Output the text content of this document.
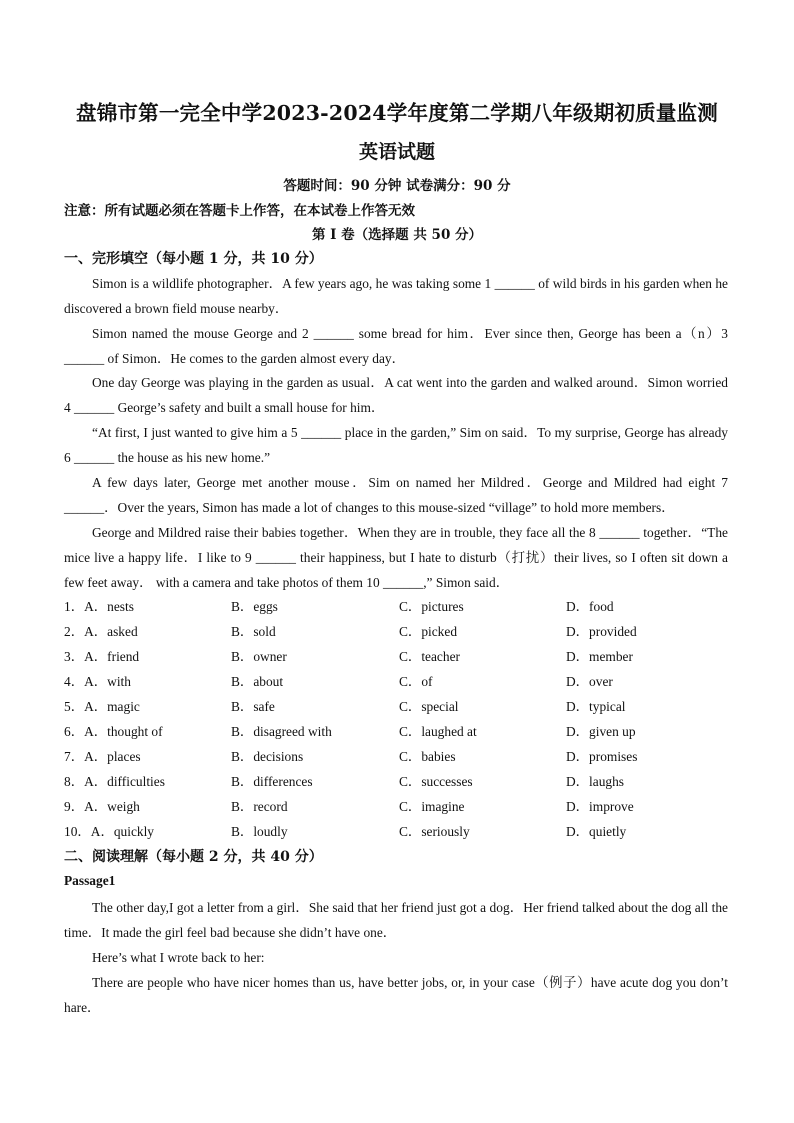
盘锦市第一完全中学2023-2024学年度第二学期八年级期初质量监测
英语试题
答题时间：90 分钟 试卷满分：90 分
注意：所有试题必须在答题卡上作答，在本试卷上作答无效
第 I 卷（选择题 共 50 分）
一、完形填空（每小题 1 分，共 10 分）
Simon is a wildlife photographer．A few years ago, he was taking some 1 ______ of wild birds in his garden when he discovered a brown field mouse nearby．
Simon named the mouse George and 2 ______ some bread for him．Ever since then, George has been a（n）3 ______ of Simon．He comes to the garden almost every day．
One day George was playing in the garden as usual．A cat went into the garden and walked around．Simon worried 4 ______ George’s safety and built a small house for him．
“At first, I just wanted to give him a 5 ______ place in the garden,” Sim on said．To my surprise, George has already 6 ______ the house as his new home.”
A few days later, George met another mouse．Sim on named her Mildred．George and Mildred had eight 7 ______．Over the years, Simon has made a lot of changes to this mouse-sized “village” to hold more members．
George and Mildred raise their babies together．When they are in trouble, they face all the 8 ______ together．“The mice live a happy life．I like to 9 ______ their happiness, but I hate to disturb（打扰）their lives, so I often sit down a few feet away． with a camera and take photos of them 10 ______,” Simon said．
1．A．nests	B．eggs	C．pictures	D．food
2．A．asked	B．sold	C．picked	D．provided
3．A．friend	B．owner	C．teacher	D．member
4．A．with	B．about	C．of	D．over
5．A．magic	B．safe	C．special	D．typical
6．A．thought of	B．disagreed with	C．laughed at	D．given up
7．A．places	B．decisions	C．babies	D．promises
8．A．difficulties	B．differences	C．successes	D．laughs
9．A．weigh	B．record	C．imagine	D．improve
10．A．quickly	B．loudly	C．seriously	D．quietly
二、阅读理解（每小题 2 分，共 40 分）
Passage1
The other day,I got a letter from a girl．She said that her friend just got a dog．Her friend talked about the dog all the time．It made the girl feel bad because she didn’t have one．
Here’s what I wrote back to her:
There are people who have nicer homes than us, have better jobs, or, in your case（例子）have acute dog you don’t hare．
